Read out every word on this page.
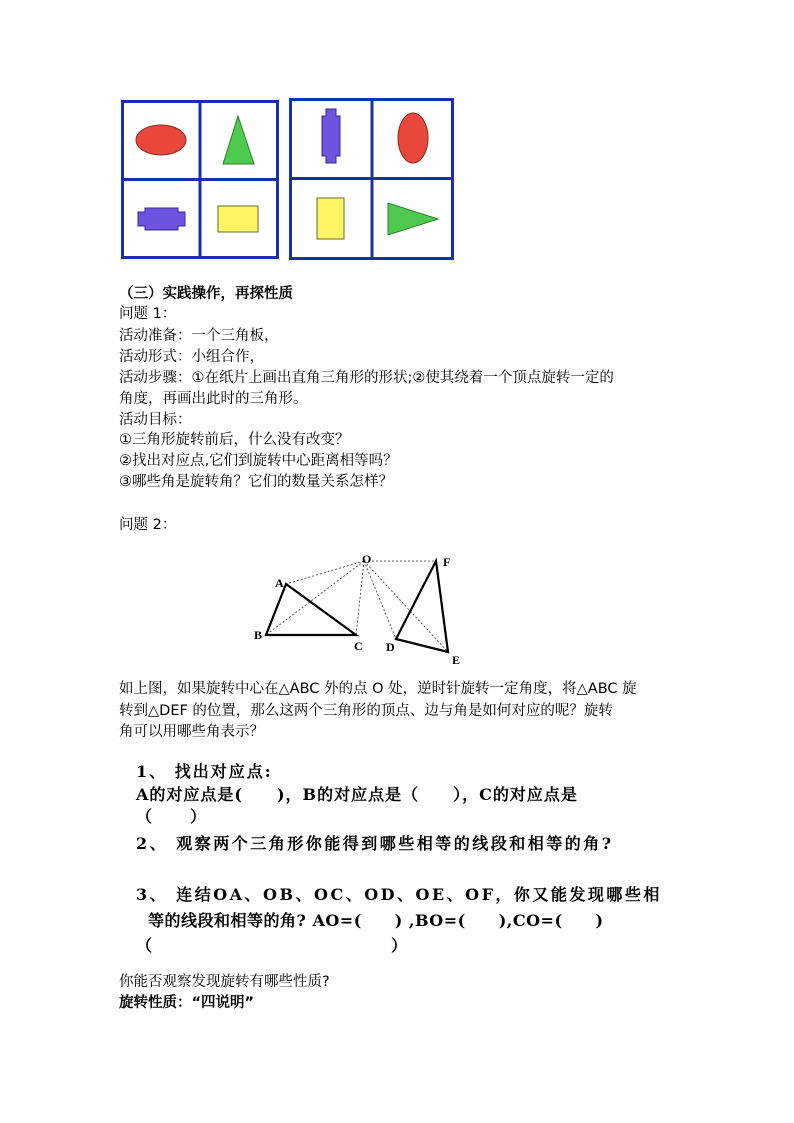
（三）实践操作，再探性质
问题 1：
活动准备：一个三角板，
活动形式：小组合作，
活动步骤：①在纸片上画出直角三角形的形状;②使其绕着一个顶点旋转一定的
角度，再画出此时的三角形。
活动目标：
①三角形旋转前后，什么没有改变？
②找出对应点,它们到旋转中心距离相等吗？
③哪些角是旋转角？它们的数量关系怎样？
问题 2：
O
A
B
C D
E
F
如上图，如果旋转中心在△ABC 外的点 O 处，逆时针旋转一定角度，将△ABC 旋
转到△DEF 的位置，那么这两个三角形的顶点、边与角是如何对应的呢？旋转
角可以用哪些角表示？
1、 找出对应点:
A的对应点是(　　)，B的对应点是（　　），C的对应点是
（　　）
2、 观察两个三角形你能得到哪些相等的线段和相等的角?
3、 连结OA、OB、OC、OD、OE、OF，你又能发现哪些相
等的线段和相等的角? AO=(　　) ,BO=(　　),CO=(　　)
（　　　　　　　　　　　　　　）
你能否观察发现旋转有哪些性质?
旋转性质：“四说明”
